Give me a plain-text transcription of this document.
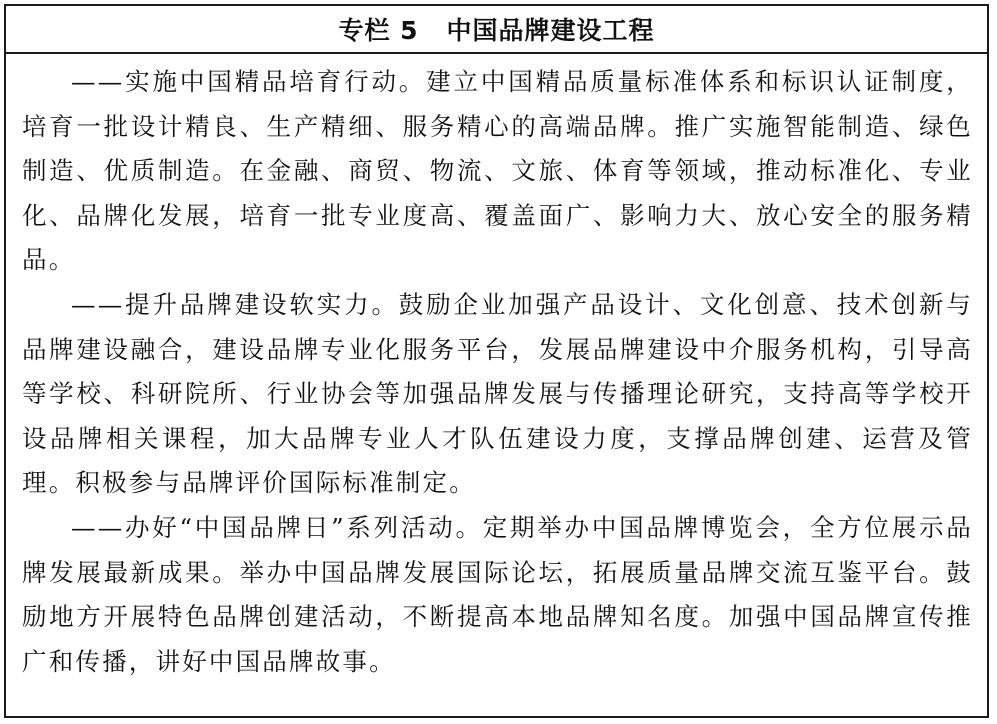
专栏 5 中国品牌建设工程

——实施中国精品培育行动。建立中国精品质量标准体系和标识认证制度，培育一批设计精良、生产精细、服务精心的高端品牌。推广实施智能制造、绿色制造、优质制造。在金融、商贸、物流、文旅、体育等领域，推动标准化、专业化、品牌化发展，培育一批专业度高、覆盖面广、影响力大、放心安全的服务精品。

——提升品牌建设软实力。鼓励企业加强产品设计、文化创意、技术创新与品牌建设融合，建设品牌专业化服务平台，发展品牌建设中介服务机构，引导高等学校、科研院所、行业协会等加强品牌发展与传播理论研究，支持高等学校开设品牌相关课程，加大品牌专业人才队伍建设力度，支撑品牌创建、运营及管理。积极参与品牌评价国际标准制定。

——办好“中国品牌日”系列活动。定期举办中国品牌博览会，全方位展示品牌发展最新成果。举办中国品牌发展国际论坛，拓展质量品牌交流互鉴平台。鼓励地方开展特色品牌创建活动，不断提高本地品牌知名度。加强中国品牌宣传推广和传播，讲好中国品牌故事。
